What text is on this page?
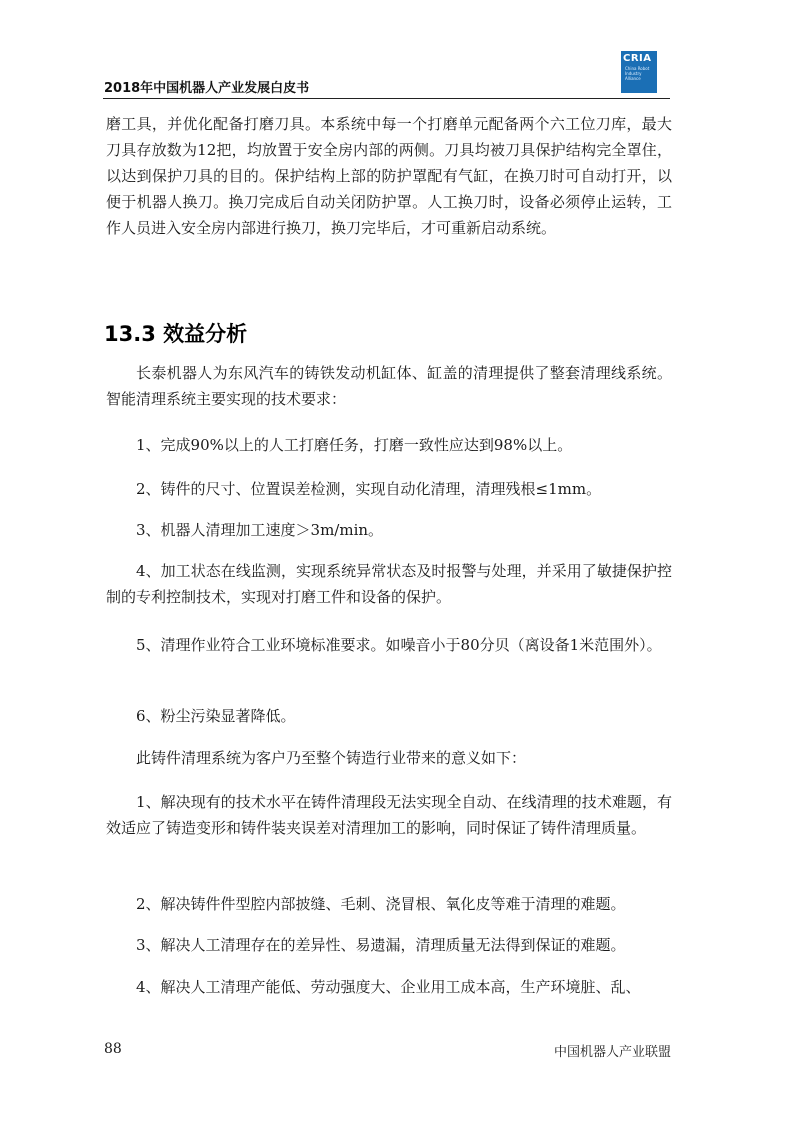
2018年中国机器人产业发展白皮书
CRIA
China Robot Industry Alliance

磨工具，并优化配备打磨刀具。本系统中每一个打磨单元配备两个六工位刀库，最大刀具存放数为12把，均放置于安全房内部的两侧。刀具均被刀具保护结构完全罩住，以达到保护刀具的目的。保护结构上部的防护罩配有气缸，在换刀时可自动打开，以便于机器人换刀。换刀完成后自动关闭防护罩。人工换刀时，设备必须停止运转，工作人员进入安全房内部进行换刀，换刀完毕后，才可重新启动系统。

13.3 效益分析

长泰机器人为东风汽车的铸铁发动机缸体、缸盖的清理提供了整套清理线系统。智能清理系统主要实现的技术要求：

1、完成90%以上的人工打磨任务，打磨一致性应达到98%以上。

2、铸件的尺寸、位置误差检测，实现自动化清理，清理残根≤1mm。

3、机器人清理加工速度＞3m/min。

4、加工状态在线监测，实现系统异常状态及时报警与处理，并采用了敏捷保护控制的专利控制技术，实现对打磨工件和设备的保护。

5、清理作业符合工业环境标准要求。如噪音小于80分贝（离设备1米范围外）。

6、粉尘污染显著降低。

此铸件清理系统为客户乃至整个铸造行业带来的意义如下：

1、解决现有的技术水平在铸件清理段无法实现全自动、在线清理的技术难题，有效适应了铸造变形和铸件装夹误差对清理加工的影响，同时保证了铸件清理质量。

2、解决铸件件型腔内部披缝、毛刺、浇冒根、氧化皮等难于清理的难题。

3、解决人工清理存在的差异性、易遗漏，清理质量无法得到保证的难题。

4、解决人工清理产能低、劳动强度大、企业用工成本高，生产环境脏、乱、

88	中国机器人产业联盟
